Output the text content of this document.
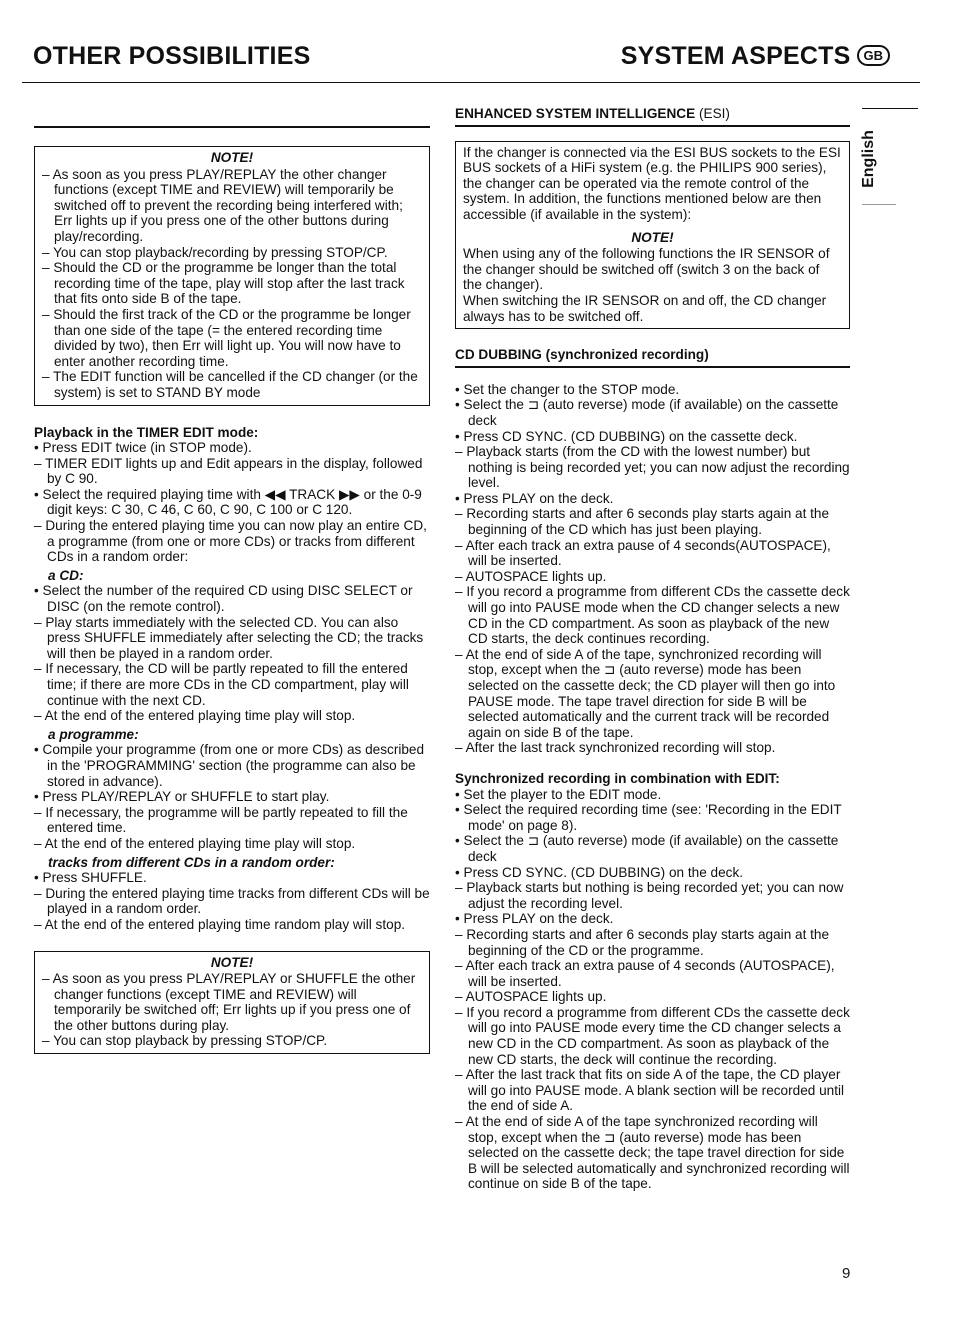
OTHER POSSIBILITIES	SYSTEM ASPECTS GB
English
NOTE!
– As soon as you press PLAY/REPLAY the other changer functions (except TIME and REVIEW) will temporarily be switched off to prevent the recording being interfered with; Err lights up if you press one of the other buttons during play/recording.
– You can stop playback/recording by pressing STOP/CP.
– Should the CD or the programme be longer than the total recording time of the tape, play will stop after the last track that fits onto side B of the tape.
– Should the first track of the CD or the programme be longer than one side of the tape (= the entered recording time divided by two), then Err will light up. You will now have to enter another recording time.
– The EDIT function will be cancelled if the CD changer (or the system) is set to STAND BY mode
Playback in the TIMER EDIT mode:
• Press EDIT twice (in STOP mode).
– TIMER EDIT lights up and Edit appears in the display, followed by C 90.
• Select the required playing time with ◀◀ TRACK ▶▶ or the 0-9 digit keys: C 30, C 46, C 60, C 90, C 100 or C 120.
– During the entered playing time you can now play an entire CD, a programme (from one or more CDs) or tracks from different CDs in a random order:
a CD:
• Select the number of the required CD using DISC SELECT or DISC (on the remote control).
– Play starts immediately with the selected CD. You can also press SHUFFLE immediately after selecting the CD; the tracks will then be played in a random order.
– If necessary, the CD will be partly repeated to fill the entered time; if there are more CDs in the CD compartment, play will continue with the next CD.
– At the end of the entered playing time play will stop.
a programme:
• Compile your programme (from one or more CDs) as described in the 'PROGRAMMING' section (the programme can also be stored in advance).
• Press PLAY/REPLAY or SHUFFLE to start play.
– If necessary, the programme will be partly repeated to fill the entered time.
– At the end of the entered playing time play will stop.
tracks from different CDs in a random order:
• Press SHUFFLE.
– During the entered playing time tracks from different CDs will be played in a random order.
– At the end of the entered playing time random play will stop.
NOTE!
– As soon as you press PLAY/REPLAY or SHUFFLE the other changer functions (except TIME and REVIEW) will temporarily be switched off; Err lights up if you press one of the other buttons during play.
– You can stop playback by pressing STOP/CP.
ENHANCED SYSTEM INTELLIGENCE (ESI)
If the changer is connected via the ESI BUS sockets to the ESI BUS sockets of a HiFi system (e.g. the PHILIPS 900 series), the changer can be operated via the remote control of the system. In addition, the functions mentioned below are then accessible (if available in the system):
NOTE!
When using any of the following functions the IR SENSOR of the changer should be switched off (switch 3 on the back of the changer).
When switching the IR SENSOR on and off, the CD changer always has to be switched off.
CD DUBBING (synchronized recording)
• Set the changer to the STOP mode.
• Select the ⊐ (auto reverse) mode (if available) on the cassette deck
• Press CD SYNC. (CD DUBBING) on the cassette deck.
– Playback starts (from the CD with the lowest number) but nothing is being recorded yet; you can now adjust the recording level.
• Press PLAY on the deck.
– Recording starts and after 6 seconds play starts again at the beginning of the CD which has just been playing.
– After each track an extra pause of 4 seconds(AUTOSPACE), will be inserted.
– AUTOSPACE lights up.
– If you record a programme from different CDs the cassette deck will go into PAUSE mode when the CD changer selects a new CD in the CD compartment. As soon as playback of the new CD starts, the deck continues recording.
– At the end of side A of the tape, synchronized recording will stop, except when the ⊐ (auto reverse) mode has been selected on the cassette deck; the CD player will then go into PAUSE mode. The tape travel direction for side B will be selected automatically and the current track will be recorded again on side B of the tape.
– After the last track synchronized recording will stop.
Synchronized recording in combination with EDIT:
• Set the player to the EDIT mode.
• Select the required recording time (see: 'Recording in the EDIT mode' on page 8).
• Select the ⊐ (auto reverse) mode (if available) on the cassette deck
• Press CD SYNC. (CD DUBBING) on the deck.
– Playback starts but nothing is being recorded yet; you can now adjust the recording level.
• Press PLAY on the deck.
– Recording starts and after 6 seconds play starts again at the beginning of the CD or the programme.
– After each track an extra pause of 4 seconds (AUTOSPACE), will be inserted.
– AUTOSPACE lights up.
– If you record a programme from different CDs the cassette deck will go into PAUSE mode every time the CD changer selects a new CD in the CD compartment. As soon as playback of the new CD starts, the deck will continue the recording.
– After the last track that fits on side A of the tape, the CD player will go into PAUSE mode. A blank section will be recorded until the end of side A.
– At the end of side A of the tape synchronized recording will stop, except when the ⊐ (auto reverse) mode has been selected on the cassette deck; the tape travel direction for side B will be selected automatically and synchronized recording will continue on side B of the tape.
9
